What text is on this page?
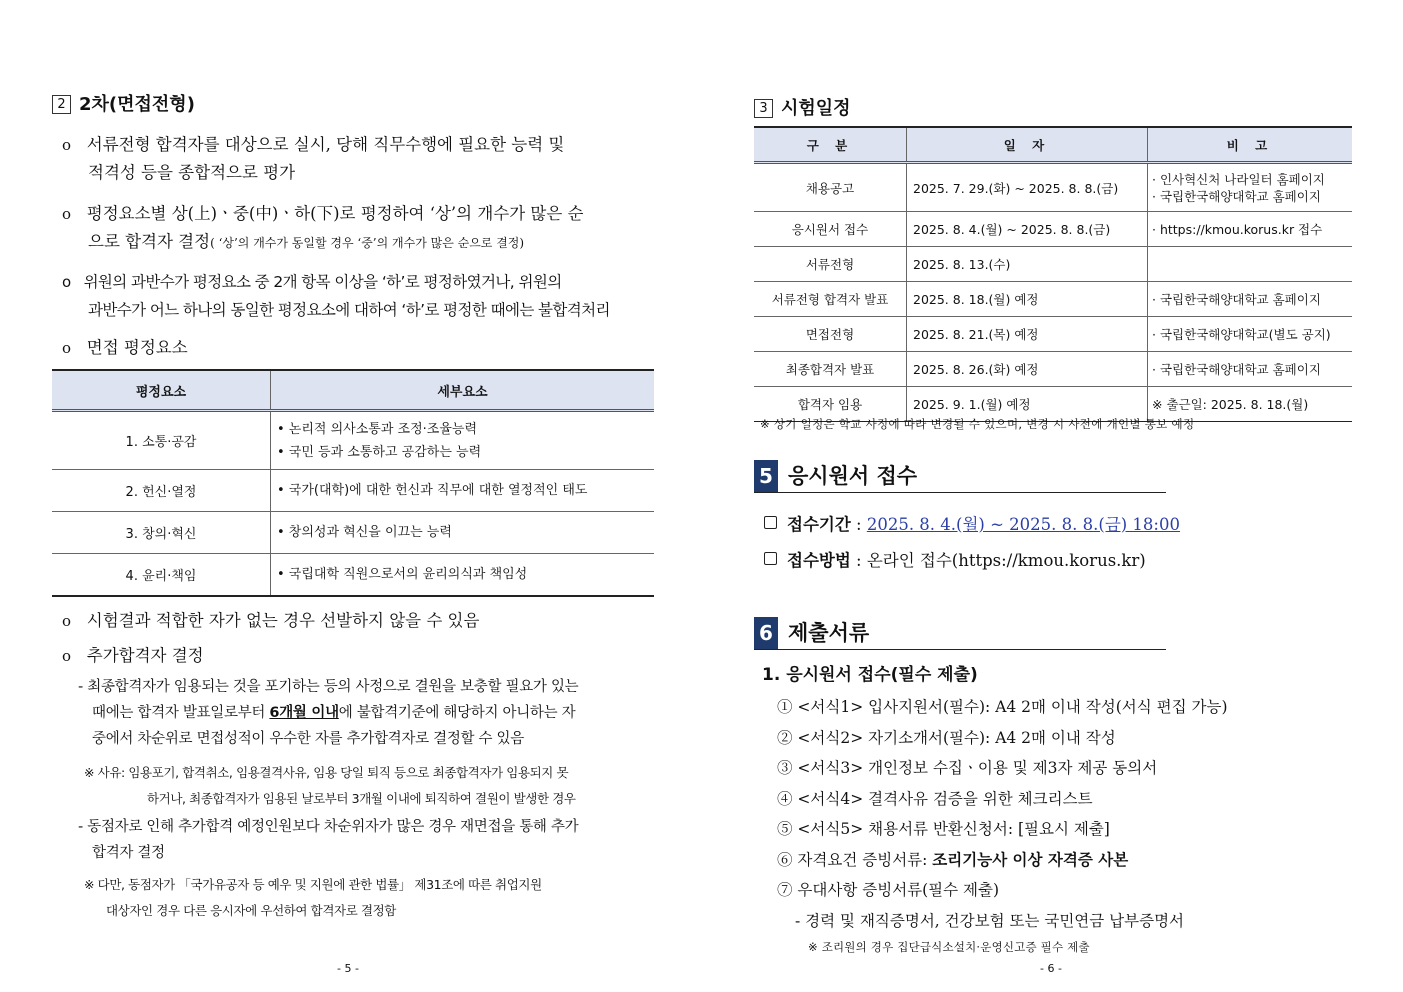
2 2차(면접전형)
o 서류전형 합격자를 대상으로 실시, 당해 직무수행에 필요한 능력 및
적격성 등을 종합적으로 평가
o 평정요소별 상(上)ㆍ중(中)ㆍ하(下)로 평정하여 ‘상’의 개수가 많은 순
으로 합격자 결정( ‘상’의 개수가 동일할 경우 ‘중’의 개수가 많은 순으로 결정)
o 위원의 과반수가 평정요소 중 2개 항목 이상을 ‘하’로 평정하였거나, 위원의
과반수가 어느 하나의 동일한 평정요소에 대하여 ‘하’로 평정한 때에는 불합격처리
o 면접 평정요소
평정요소	세부요소
1. 소통·공감	• 논리적 의사소통과 조정·조율능력
• 국민 등과 소통하고 공감하는 능력

2. 헌신·열정	• 국가(대학)에 대한 헌신과 직무에 대한 열정적인 태도
3. 창의·혁신	• 창의성과 혁신을 이끄는 능력
4. 윤리·책임	• 국립대학 직원으로서의 윤리의식과 책임성
o 시험결과 적합한 자가 없는 경우 선발하지 않을 수 있음
o 추가합격자 결정
- 최종합격자가 임용되는 것을 포기하는 등의 사정으로 결원을 보충할 필요가 있는
때에는 합격자 발표일로부터 6개월 이내에 불합격기준에 해당하지 아니하는 자
중에서 차순위로 면접성적이 우수한 자를 추가합격자로 결정할 수 있음
※ 사유: 임용포기, 합격취소, 임용결격사유, 임용 당일 퇴직 등으로 최종합격자가 임용되지 못
하거나, 최종합격자가 임용된 날로부터 3개월 이내에 퇴직하여 결원이 발생한 경우
- 동점자로 인해 추가합격 예정인원보다 차순위자가 많은 경우 재면접을 통해 추가
합격자 결정
※ 다만, 동점자가 「국가유공자 등 예우 및 지원에 관한 법률」 제31조에 따른 취업지원
대상자인 경우 다른 응시자에 우선하여 합격자로 결정함
- 5 -
3 시험일정
구 분	일 자	비 고
채용공고	2025. 7. 29.(화) ~ 2025. 8. 8.(금)	· 인사혁신처 나라일터 홈페이지
· 국립한국해양대학교 홈페이지

응시원서 접수	2025. 8. 4.(월) ~ 2025. 8. 8.(금)	· https://kmou.korus.kr 접수
서류전형	2025. 8. 13.(수)	
서류전형 합격자 발표	2025. 8. 18.(월) 예정	· 국립한국해양대학교 홈페이지
면접전형	2025. 8. 21.(목) 예정	· 국립한국해양대학교(별도 공지)
최종합격자 발표	2025. 8. 26.(화) 예정	· 국립한국해양대학교 홈페이지
합격자 임용	2025. 9. 1.(월) 예정	※ 출근일: 2025. 8. 18.(월)
※ 상기 일정은 학교 사정에 따라 변경될 수 있으며, 변경 시 사전에 개인별 통보 예정
5 응시원서 접수
접수기간 : 2025. 8. 4.(월) ~ 2025. 8. 8.(금) 18:00
접수방법 : 온라인 접수(https://kmou.korus.kr)
6 제출서류
1. 응시원서 접수(필수 제출)
① <서식1> 입사지원서(필수): A4 2매 이내 작성(서식 편집 가능)
② <서식2> 자기소개서(필수): A4 2매 이내 작성
③ <서식3> 개인정보 수집ㆍ이용 및 제3자 제공 동의서
④ <서식4> 결격사유 검증을 위한 체크리스트
⑤ <서식5> 채용서류 반환신청서: [필요시 제출]
⑥ 자격요건 증빙서류: 조리기능사 이상 자격증 사본
⑦ 우대사항 증빙서류(필수 제출)
- 경력 및 재직증명서, 건강보험 또는 국민연금 납부증명서
※ 조리원의 경우 집단급식소설치·운영신고증 필수 제출
- 6 -
